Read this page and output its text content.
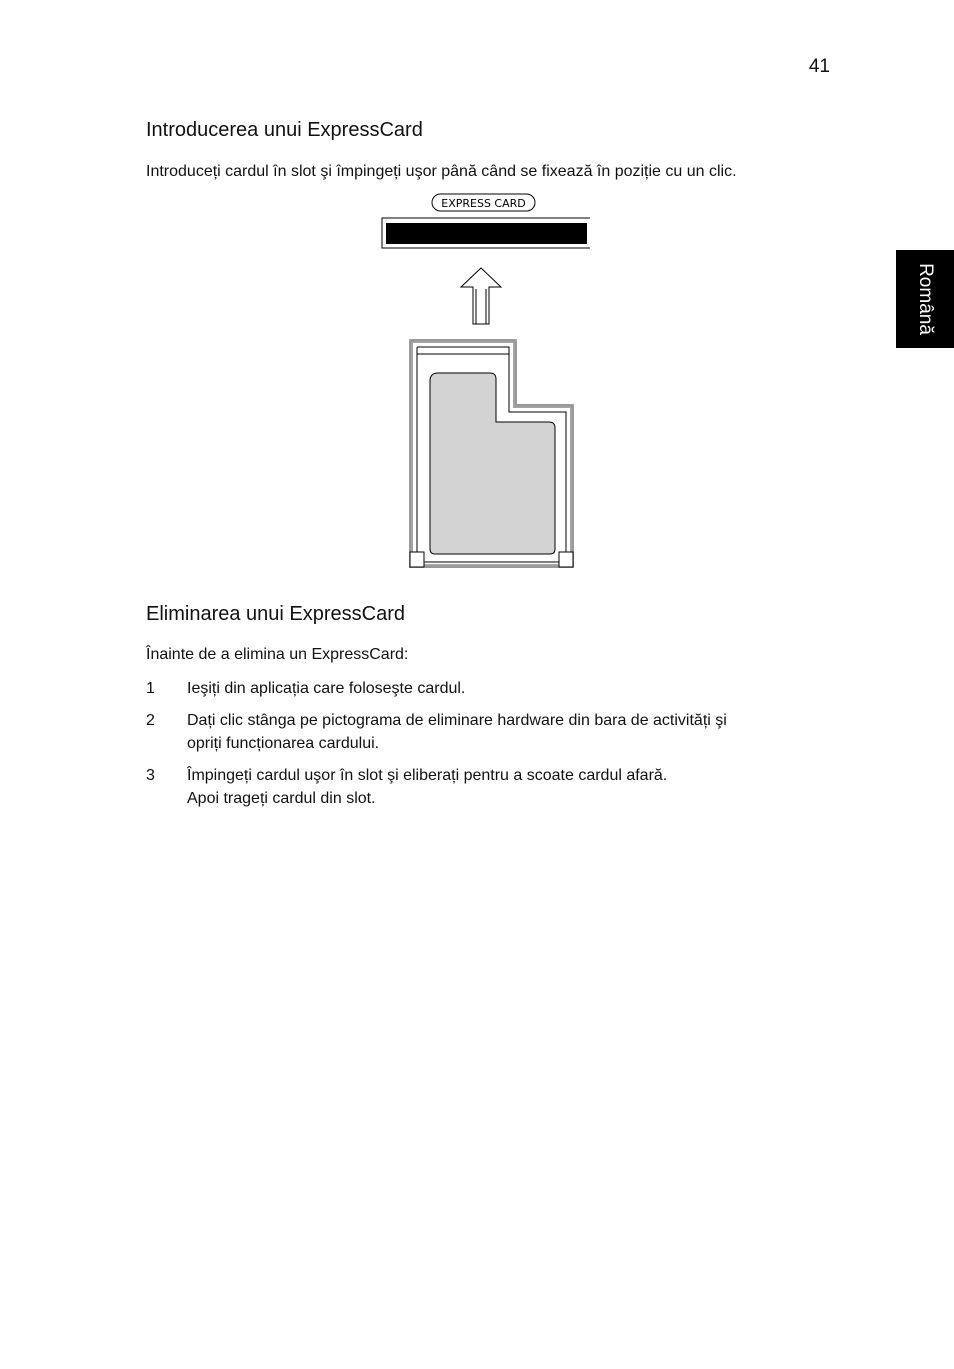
41
Română
Introducerea unui ExpressCard

Introduceți cardul în slot şi împingeți uşor până când se fixează în poziție cu un clic.

EXPRESS CARD
Eliminarea unui ExpressCard

Înainte de a elimina un ExpressCard:

1 Ieşiți din aplicația care foloseşte cardul.
2 Dați clic stânga pe pictograma de eliminare hardware din bara de activități şi
opriți funcționarea cardului.
3 Împingeți cardul uşor în slot şi eliberați pentru a scoate cardul afară.
Apoi trageți cardul din slot.
